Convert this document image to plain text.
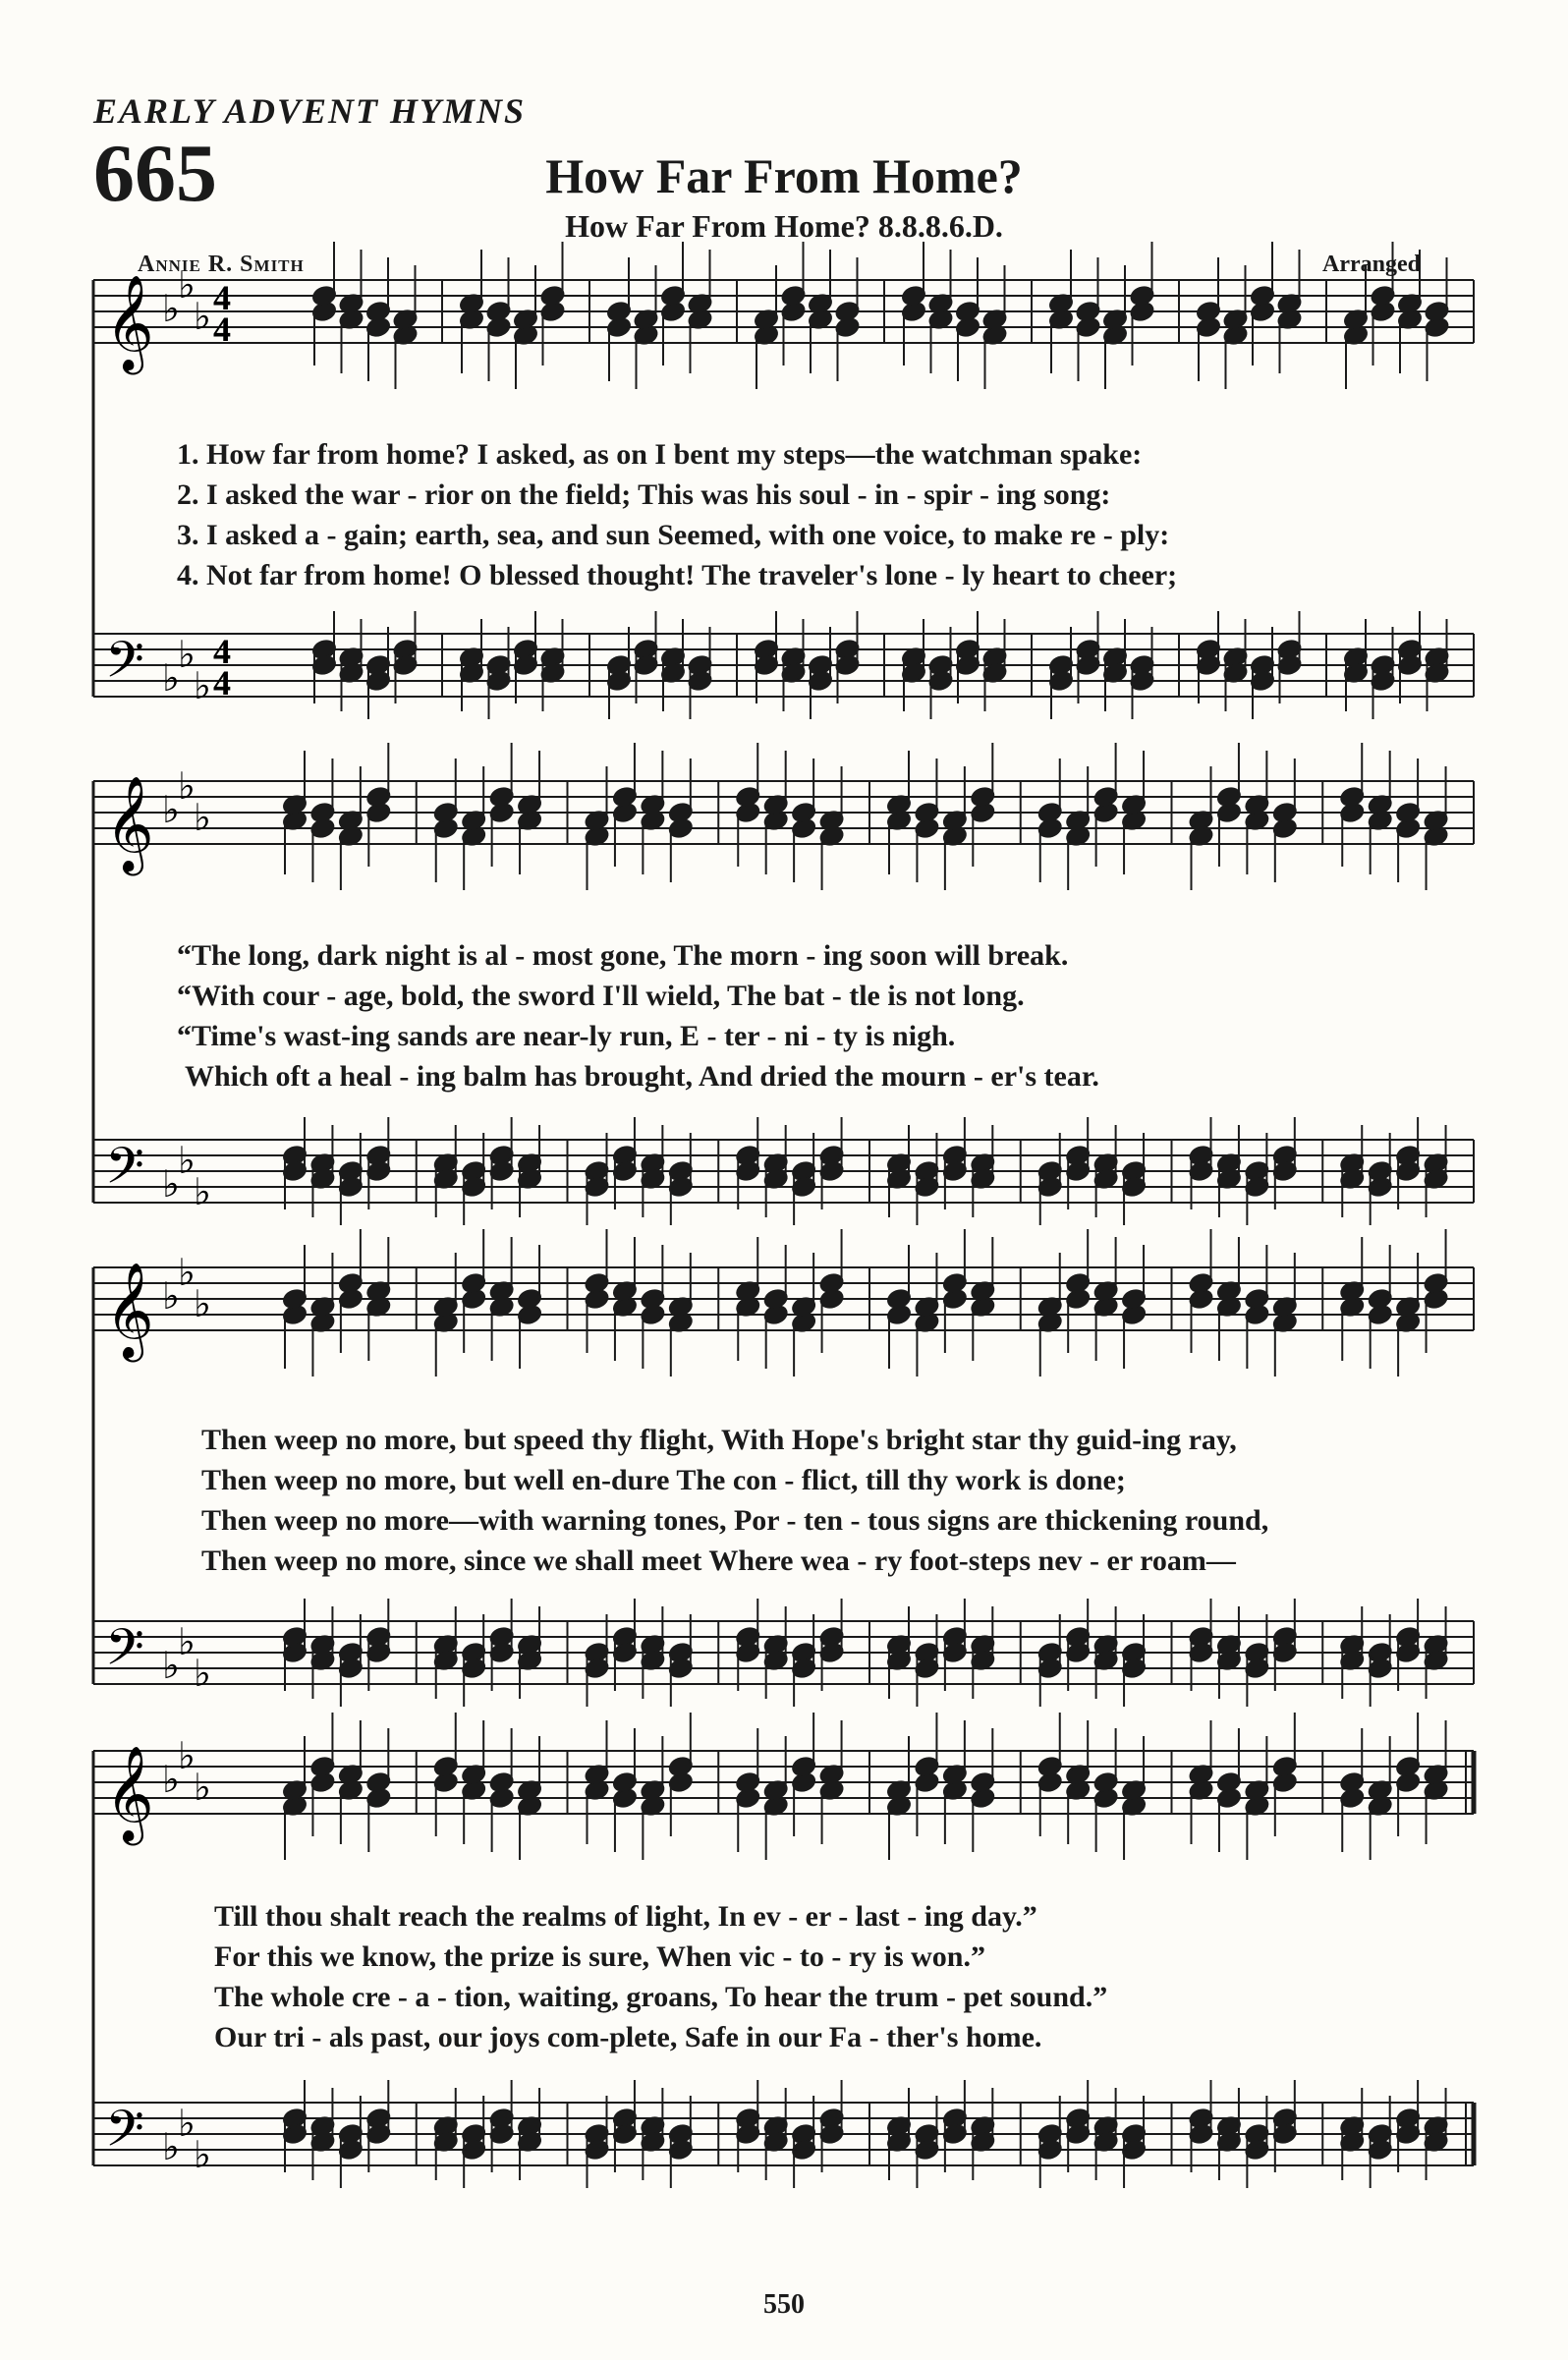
EARLY ADVENT HYMNS
665	How Far From Home?
How Far From Home? 8.8.8.6.D.
Annie R. Smith	Arranged
𝄞
𝄢
♭
♭
♭
♭
♭
♭
4
4
4
4
𝄞
𝄢
♭
♭
♭
♭
♭
♭
𝄞
𝄢
♭
♭
♭
♭
♭
♭
𝄞
𝄢
♭
♭
♭
♭
♭
♭
1. How far from home? I asked, as on I bent my steps—the watchman spake:
2. I asked the war - rior on the field; This was his soul - in - spir - ing song:
3. I asked a - gain; earth, sea, and sun Seemed, with one voice, to make re - ply:
4. Not far from home! O blessed thought! The traveler's lone - ly heart to cheer;
“The long, dark night is al - most gone, The morn - ing soon will break.
“With cour - age, bold, the sword I'll wield, The bat - tle is not long.
“Time's wast-ing sands are near-ly run, E - ter - ni - ty is nigh.
Which oft a heal - ing balm has brought, And dried the mourn - er's tear.
Then weep no more, but speed thy flight, With Hope's bright star thy guid-ing ray,
Then weep no more, but well en-dure The con - flict, till thy work is done;
Then weep no more—with warning tones, Por - ten - tous signs are thickening round,
Then weep no more, since we shall meet Where wea - ry foot-steps nev - er roam—
Till thou shalt reach the realms of light, In ev - er - last - ing day.”
For this we know, the prize is sure, When vic - to - ry is won.”
The whole cre - a - tion, waiting, groans, To hear the trum - pet sound.”
Our tri - als past, our joys com-plete, Safe in our Fa - ther's home.
550
